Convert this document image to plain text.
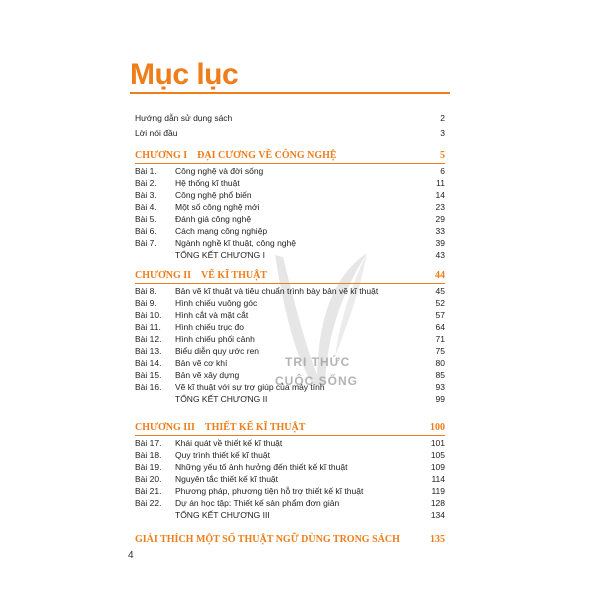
Mục lục
TRI THỨC
CUỘC SỐNG
Hướng dẫn sử dụng sách	2
Lời nói đầu	3
CHƯƠNG I ĐẠI CƯƠNG VỀ CÔNG NGHỆ	5
Bài 1. Công nghệ và đời sống	6
Bài 2. Hệ thống kĩ thuật	11
Bài 3. Công nghệ phổ biến	14
Bài 4. Một số công nghệ mới	23
Bài 5. Đánh giá công nghệ	29
Bài 6. Cách mạng công nghiệp	33
Bài 7. Ngành nghề kĩ thuật, công nghệ	39
TỔNG KẾT CHƯƠNG I	43
CHƯƠNG II VẼ KĨ THUẬT	44
Bài 8. Bản vẽ kĩ thuật và tiêu chuẩn trình bày bản vẽ kĩ thuật	45
Bài 9. Hình chiếu vuông góc	52
Bài 10. Hình cắt và mặt cắt	57
Bài 11. Hình chiếu trục đo	64
Bài 12. Hình chiếu phối cảnh	71
Bài 13. Biểu diễn quy ước ren	75
Bài 14. Bản vẽ cơ khí	80
Bài 15. Bản vẽ xây dựng	85
Bài 16. Vẽ kĩ thuật với sự trợ giúp của máy tính	93
TỔNG KẾT CHƯƠNG II	99
CHƯƠNG III THIẾT KẾ KĨ THUẬT	100
Bài 17. Khái quát về thiết kế kĩ thuật	101
Bài 18. Quy trình thiết kế kĩ thuật	105
Bài 19. Những yếu tố ảnh hưởng đến thiết kế kĩ thuật	109
Bài 20. Nguyên tắc thiết kế kĩ thuật	114
Bài 21. Phương pháp, phương tiện hỗ trợ thiết kế kĩ thuật	119
Bài 22. Dự án học tập: Thiết kế sản phẩm đơn giản	128
TỔNG KẾT CHƯƠNG III	134
GIẢI THÍCH MỘT SỐ THUẬT NGỮ DÙNG TRONG SÁCH	135
4
